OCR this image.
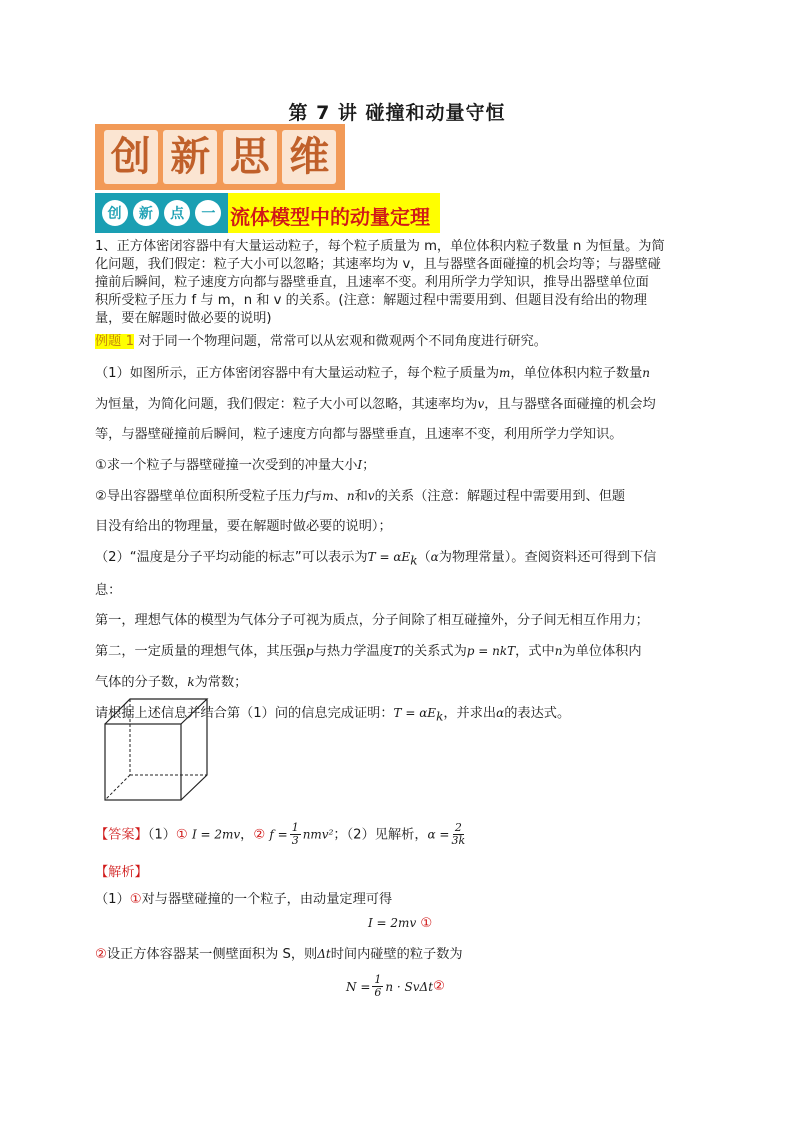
第 7 讲 碰撞和动量守恒
创 新 思 维
创	新	点	一 流体模型中的动量定理
1、正方体密闭容器中有大量运动粒子，每个粒子质量为 m，单位体积内粒子数量 n 为恒量。为简
化问题，我们假定：粒子大小可以忽略；其速率均为 v，且与器壁各面碰撞的机会均等；与器壁碰
撞前后瞬间，粒子速度方向都与器壁垂直，且速率不变。利用所学力学知识，推导出器壁单位面
积所受粒子压力 f 与 m，n 和 v 的关系。(注意：解题过程中需要用到、但题目没有给出的物理
量，要在解题时做必要的说明)
例题 1 对于同一个物理问题，常常可以从宏观和微观两个不同角度进行研究。
（1）如图所示，正方体密闭容器中有大量运动粒子，每个粒子质量为m，单位体积内粒子数量n
为恒量，为简化问题，我们假定：粒子大小可以忽略，其速率均为v，且与器壁各面碰撞的机会均
等，与器壁碰撞前后瞬间，粒子速度方向都与器壁垂直，且速率不变，利用所学力学知识。
①求一个粒子与器壁碰撞一次受到的冲量大小I；
②导出容器壁单位面积所受粒子压力f与m、n和v的关系（注意：解题过程中需要用到、但题
目没有给出的物理量，要在解题时做必要的说明）；
（2）“温度是分子平均动能的标志”可以表示为$T = \alpha E_k(\alpha$为物理常量）。查阅资料还可得到下信
息：
第一，理想气体的模型为气体分子可视为质点，分子间除了相互碰撞外，分子间无相互作用力；
第二，一定质量的理想气体，其压强p与热力学温度T的关系式为p = nkT，式中n为单位体积内
气体的分子数，k为常数；
请根据上述信息并结合第（1）问的信息完成证明：$T = \alpha E_k$，并求出α的表达式。
【答案】（1）① I = 2mv，② $f = \frac{1}{3} nmv^2$；（2）见解析，$\alpha = \frac{2}{3k}$
【解析】
（1）①对与器壁碰撞的一个粒子，由动量定理可得
I = 2mv ①
②设正方体容器某一侧壁面积为 S，则Δt时间内碰壁的粒子数为
$N = \frac{1}{6}$ n · SvΔt ②
